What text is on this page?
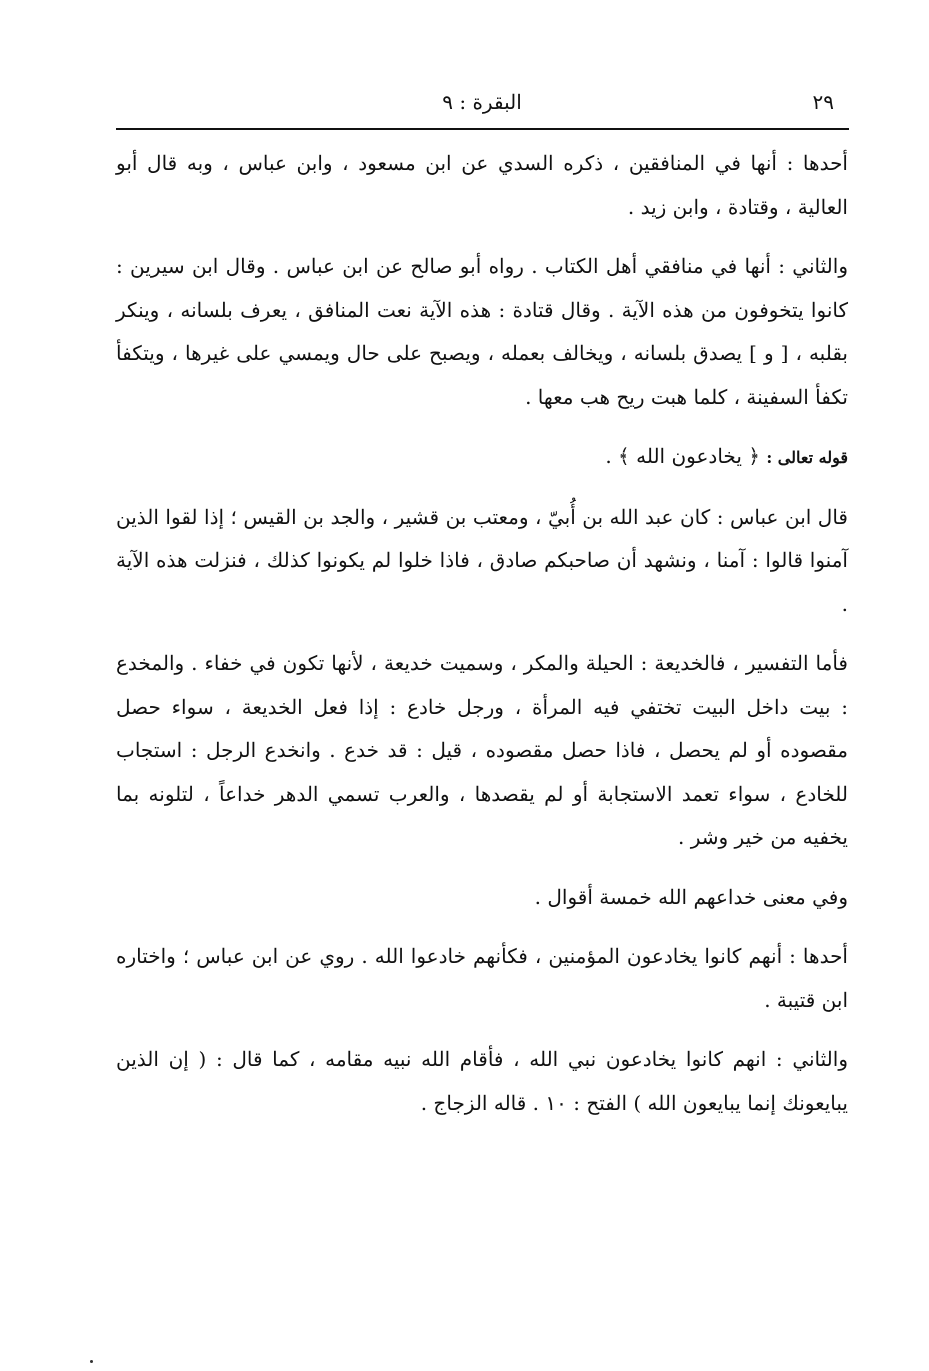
٢٩
البقرة : ٩

أحدها : أنها في المنافقين ، ذكره السدي عن ابن مسعود ، وابن عباس ، وبه قال أبو العالية ، وقتادة ، وابن زيد .

والثاني : أنها في منافقي أهل الكتاب . رواه أبو صالح عن ابن عباس . وقال ابن سيرين : كانوا يتخوفون من هذه الآية . وقال قتادة : هذه الآية نعت المنافق ، يعرف بلسانه ، وينكر بقلبه ، [ و ] يصدق بلسانه ، ويخالف بعمله ، ويصبح على حال ويمسي على غيرها ، ويتكفأ تكفأ السفينة ، كلما هبت ريح هب معها .

قوله تعالى : ﴿ يخادعون الله ﴾ .

قال ابن عباس : كان عبد الله بن أُبيّ ، ومعتب بن قشير ، والجد بن القيس ؛ إذا لقوا الذين آمنوا قالوا : آمنا ، ونشهد أن صاحبكم صادق ، فاذا خلوا لم يكونوا كذلك ، فنزلت هذه الآية .

فأما التفسير ، فالخديعة : الحيلة والمكر ، وسميت خديعة ، لأنها تكون في خفاء . والمخدع : بيت داخل البيت تختفي فيه المرأة ، ورجل خادع : إذا فعل الخديعة ، سواء حصل مقصوده أو لم يحصل ، فاذا حصل مقصوده ، قيل : قد خدع . وانخدع الرجل : استجاب للخادع ، سواء تعمد الاستجابة أو لم يقصدها ، والعرب تسمي الدهر خداعاً ، لتلونه بما يخفيه من خير وشر .

وفي معنى خداعهم الله خمسة أقوال .

أحدها : أنهم كانوا يخادعون المؤمنين ، فكأنهم خادعوا الله . روي عن ابن عباس ؛ واختاره ابن قتيبة .

والثاني : انهم كانوا يخادعون نبي الله ، فأقام الله نبيه مقامه ، كما قال : ( إن الذين يبايعونك إنما يبايعون الله ) الفتح : ١٠ . قاله الزجاج .
